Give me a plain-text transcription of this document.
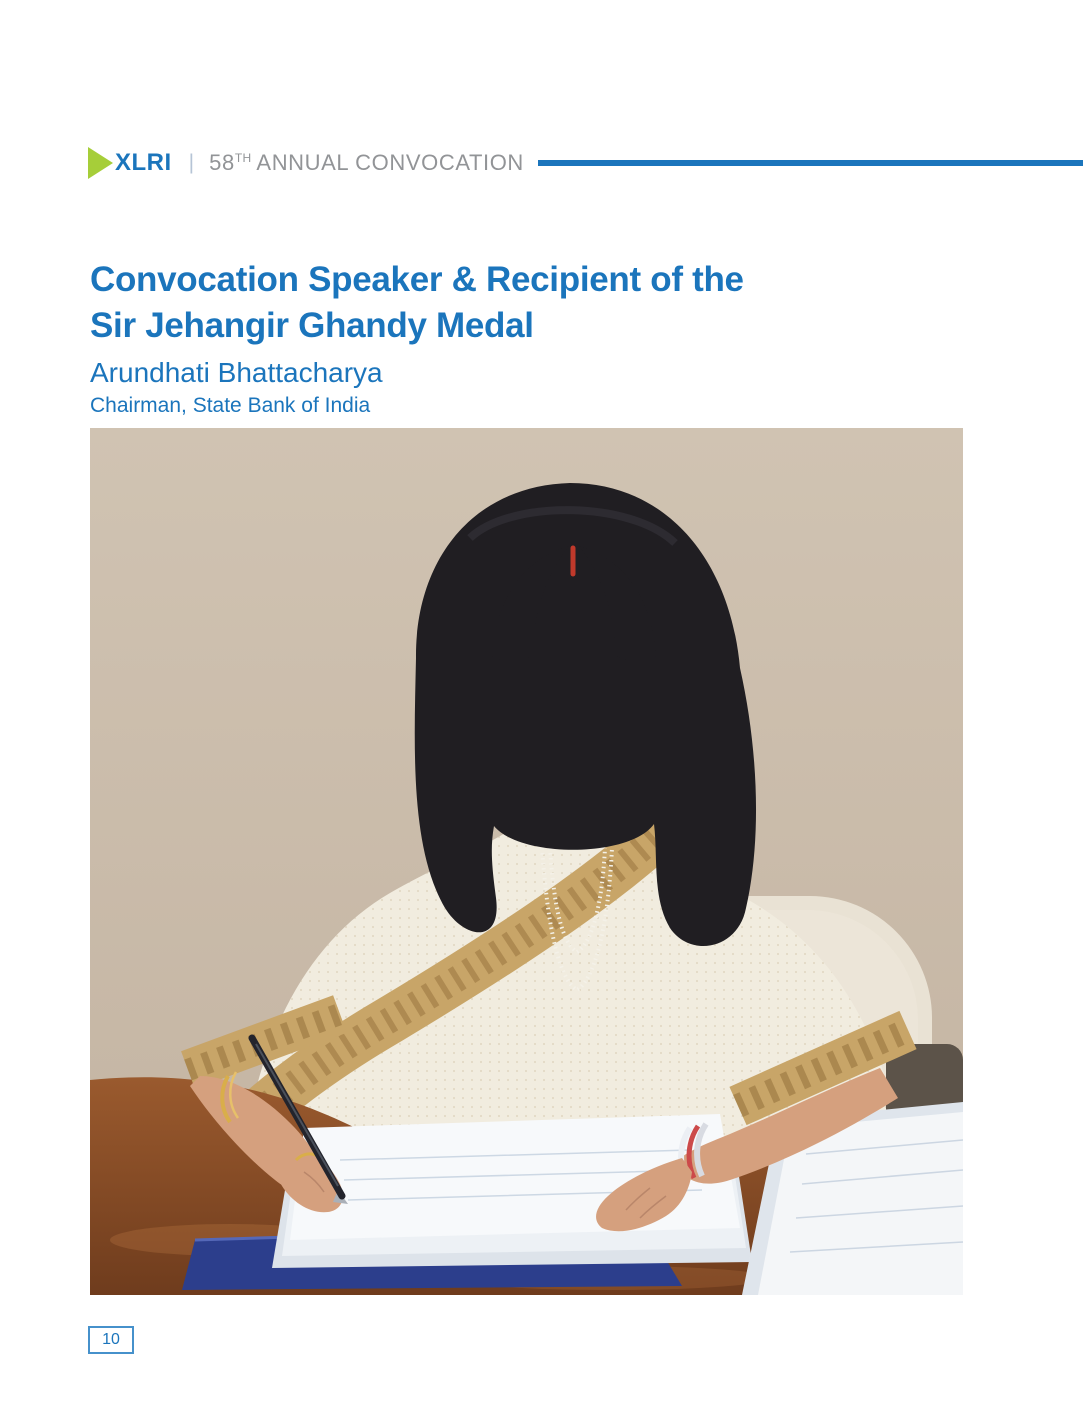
XLRI | 58TH ANNUAL CONVOCATION
Convocation Speaker & Recipient of the
Sir Jehangir Ghandy Medal
Arundhati Bhattacharya
Chairman, State Bank of India
10
